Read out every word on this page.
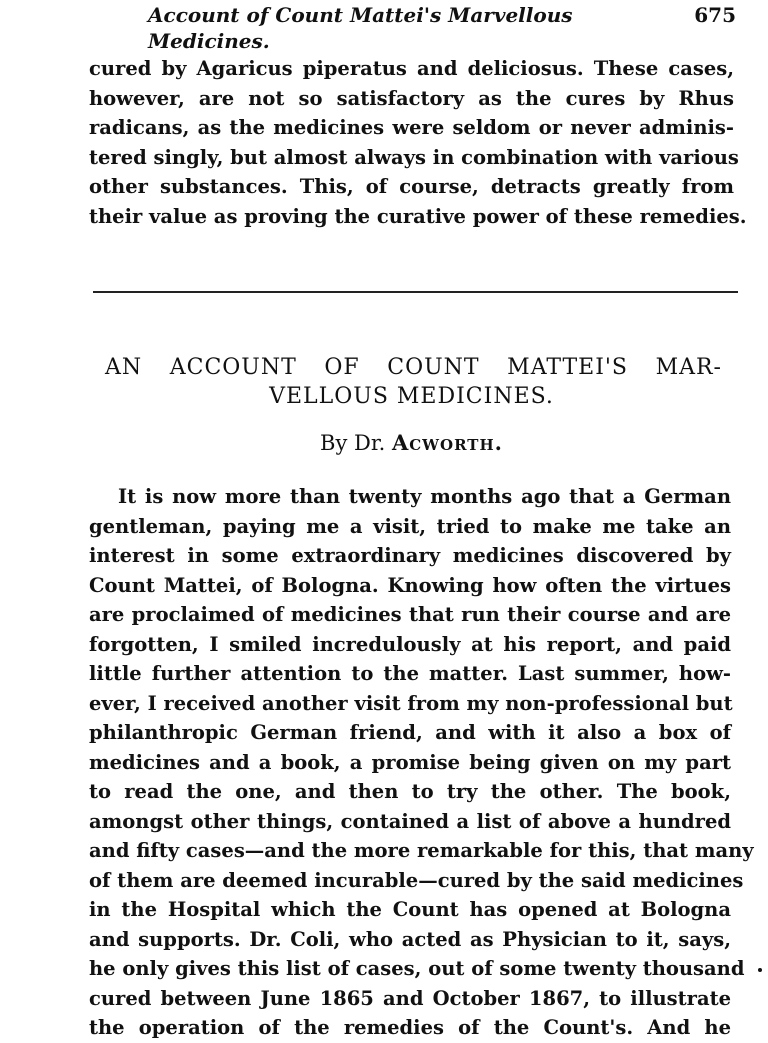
Account of Count Mattei's Marvellous Medicines.
675
cured by Agaricus piperatus and deliciosus. These cases,
however, are not so satisfactory as the cures by Rhus
radicans, as the medicines were seldom or never adminis-
tered singly, but almost always in combination with various
other substances. This, of course, detracts greatly from
their value as proving the curative power of these remedies.
AN ACCOUNT OF COUNT MATTEI'S MAR-
VELLOUS MEDICINES.
By Dr. Acworth.
It is now more than twenty months ago that a German
gentleman, paying me a visit, tried to make me take an
interest in some extraordinary medicines discovered by
Count Mattei, of Bologna. Knowing how often the virtues
are proclaimed of medicines that run their course and are
forgotten, I smiled incredulously at his report, and paid
little further attention to the matter. Last summer, how-
ever, I received another visit from my non-professional but
philanthropic German friend, and with it also a box of
medicines and a book, a promise being given on my part
to read the one, and then to try the other. The book,
amongst other things, contained a list of above a hundred
and fifty cases—and the more remarkable for this, that many
of them are deemed incurable—cured by the said medicines
in the Hospital which the Count has opened at Bologna
and supports. Dr. Coli, who acted as Physician to it, says,
he only gives this list of cases, out of some twenty thousand
cured between June 1865 and October 1867, to illustrate
the operation of the remedies of the Count's. And he
